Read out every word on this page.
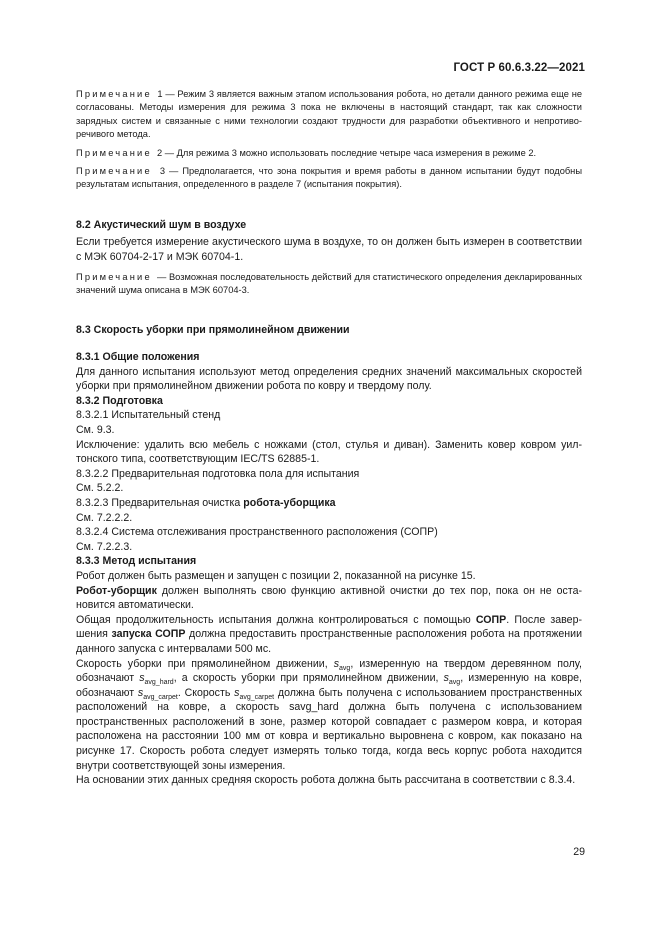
ГОСТ Р 60.6.3.22—2021

Примечание 1 — Режим 3 является важным этапом использования робота, но детали данного режима еще не согласованы. Методы измерения для режима 3 пока не включены в настоящий стандарт, так как сложности зарядных систем и связанные с ними технологии создают трудности для разработки объективного и непротиворечивого метода.

Примечание 2 — Для режима 3 можно использовать последние четыре часа измерения в режиме 2.

Примечание 3 — Предполагается, что зона покрытия и время работы в данном испытании будут подобны результатам испытания, определенного в разделе 7 (испытания покрытия).

8.2 Акустический шум в воздухе

Если требуется измерение акустического шума в воздухе, то он должен быть измерен в соответствии с МЭК 60704-2-17 и МЭК 60704-1.

Примечание — Возможная последовательность действий для статистического определения декларированных значений шума описана в МЭК 60704-3.

8.3 Скорость уборки при прямолинейном движении

8.3.1 Общие положения

Для данного испытания используют метод определения средних значений максимальных скоростей уборки при прямолинейном движении робота по ковру и твердому полу.

8.3.2 Подготовка

8.3.2.1 Испытательный стенд

См. 9.3.

Исключение: удалить всю мебель с ножками (стол, стулья и диван). Заменить ковер ковром уилтонского типа, соответствующим IEC/TS 62885-1.

8.3.2.2 Предварительная подготовка пола для испытания

См. 5.2.2.

8.3.2.3 Предварительная очистка робота-уборщика

См. 7.2.2.2.

8.3.2.4 Система отслеживания пространственного расположения (СОПР)

См. 7.2.2.3.

8.3.3 Метод испытания

Робот должен быть размещен и запущен с позиции 2, показанной на рисунке 15.

Робот-уборщик должен выполнять свою функцию активной очистки до тех пор, пока он не остановится автоматически.

Общая продолжительность испытания должна контролироваться с помощью СОПР. После завершения запуска СОПР должна предоставить пространственные расположения робота на протяжении данного запуска с интервалами 500 мс.

Скорость уборки при прямолинейном движении, $s_{avg}$, измеренную на твердом деревянном полу, обозначают $s_{avg\_hard}$, а скорость уборки при прямолинейном движении, $s_{avg}$, измеренную на ковре, обозначают $s_{avg\_carpet}$. Скорость $s_{avg\_carpet}$ должна быть получена с использованием пространственных расположений на ковре, а скорость savg_hard должна быть получена с использованием пространственных расположений в зоне, размер которой совпадает с размером ковра, и которая расположена на расстоянии 100 мм от ковра и вертикально выровнена с ковром, как показано на рисунке 17. Скорость робота следует измерять только тогда, когда весь корпус робота находится внутри соответствующей зоны измерения.

На основании этих данных средняя скорость робота должна быть рассчитана в соответствии с 8.3.4.

29
